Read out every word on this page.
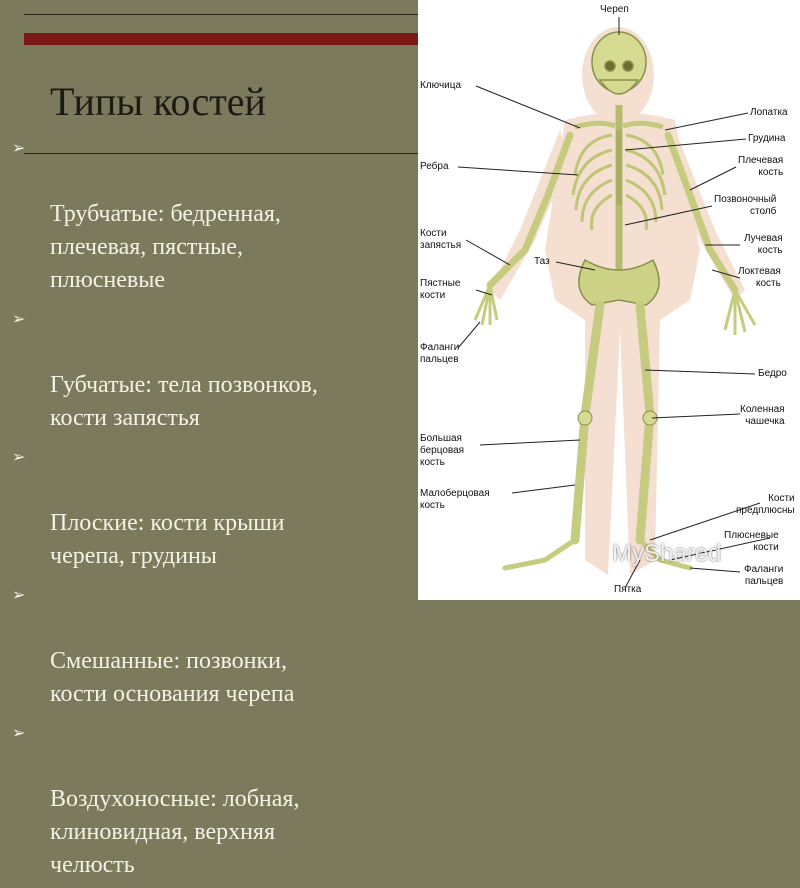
Типы костей

➢

Трубчатые: бедренная,
плечевая, пястные,
плюсневые

➢

Губчатые: тела позвонков,
кости запястья

➢

Плоские: кости крыши
черепа, грудины

➢

Смешанные: позвонки,
кости основания черепа

➢

Воздухоносные: лобная,
клиновидная, верхняя
челюсть

Череп
Ключица
Лопатка
Грудина
Ребра
Плечевая
кость
Позвоночный
столб
Кости
запястья
Лучевая
кость
Таз
Локтевая
кость
Пястные
кости
Фаланги
пальцев
Бедро
Коленная
чашечка
Большая
берцовая
кость
Малоберцовая
кость
Кости
предплюсны
Плюсневые
кости
Фаланги
пальцев
Пятка
MyShared
